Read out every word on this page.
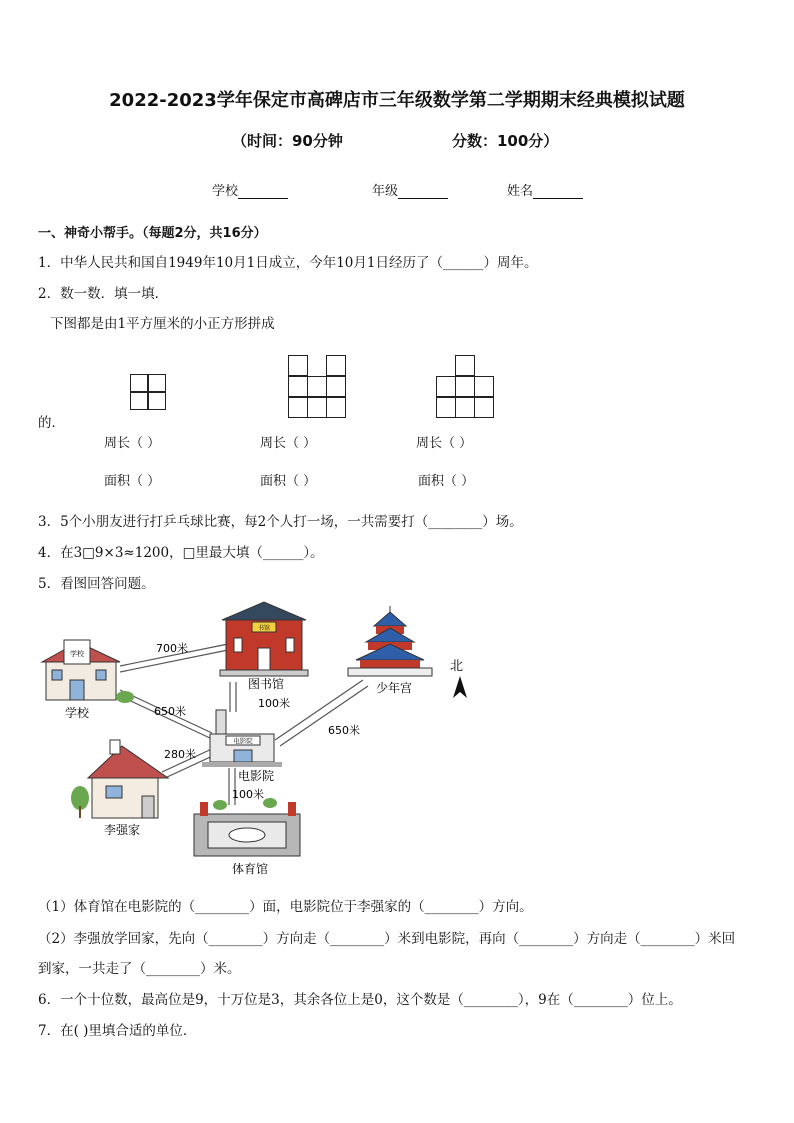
2022-2023学年保定市高碑店市三年级数学第二学期期末经典模拟试题
（时间：90分钟	分数：100分）
学校	年级	姓名
一、神奇小帮手。（每题2分，共16分）
1．中华人民共和国自1949年10月1日成立，今年10月1日经历了（______）周年。
2．数一数．填一填．
下图都是由1平方厘米的小正方形拼成
的．
周长（ ）	周长（ ）	周长（ ）
面积（ ）	面积（ ）	面积（ ）
3．5个小朋友进行打乒乓球比赛，每2个人打一场，一共需要打（________）场。
4．在3□9×3≈1200，□里最大填（______）。
5．看图回答问题。
学校
书馆
北
电影院
学校
图书馆	少年宫
电影院
李强家
体育馆
700米
650米
100米
650米
280米
100米
（1）体育馆在电影院的（________）面，电影院位于李强家的（________）方向。
（2）李强放学回家，先向（________）方向走（________）米到电影院，再向（________）方向走（________）米回
到家，一共走了（________）米。
6．一个十位数，最高位是9，十万位是3，其余各位上是0，这个数是（________），9在（________）位上。
7．在( )里填合适的单位．
